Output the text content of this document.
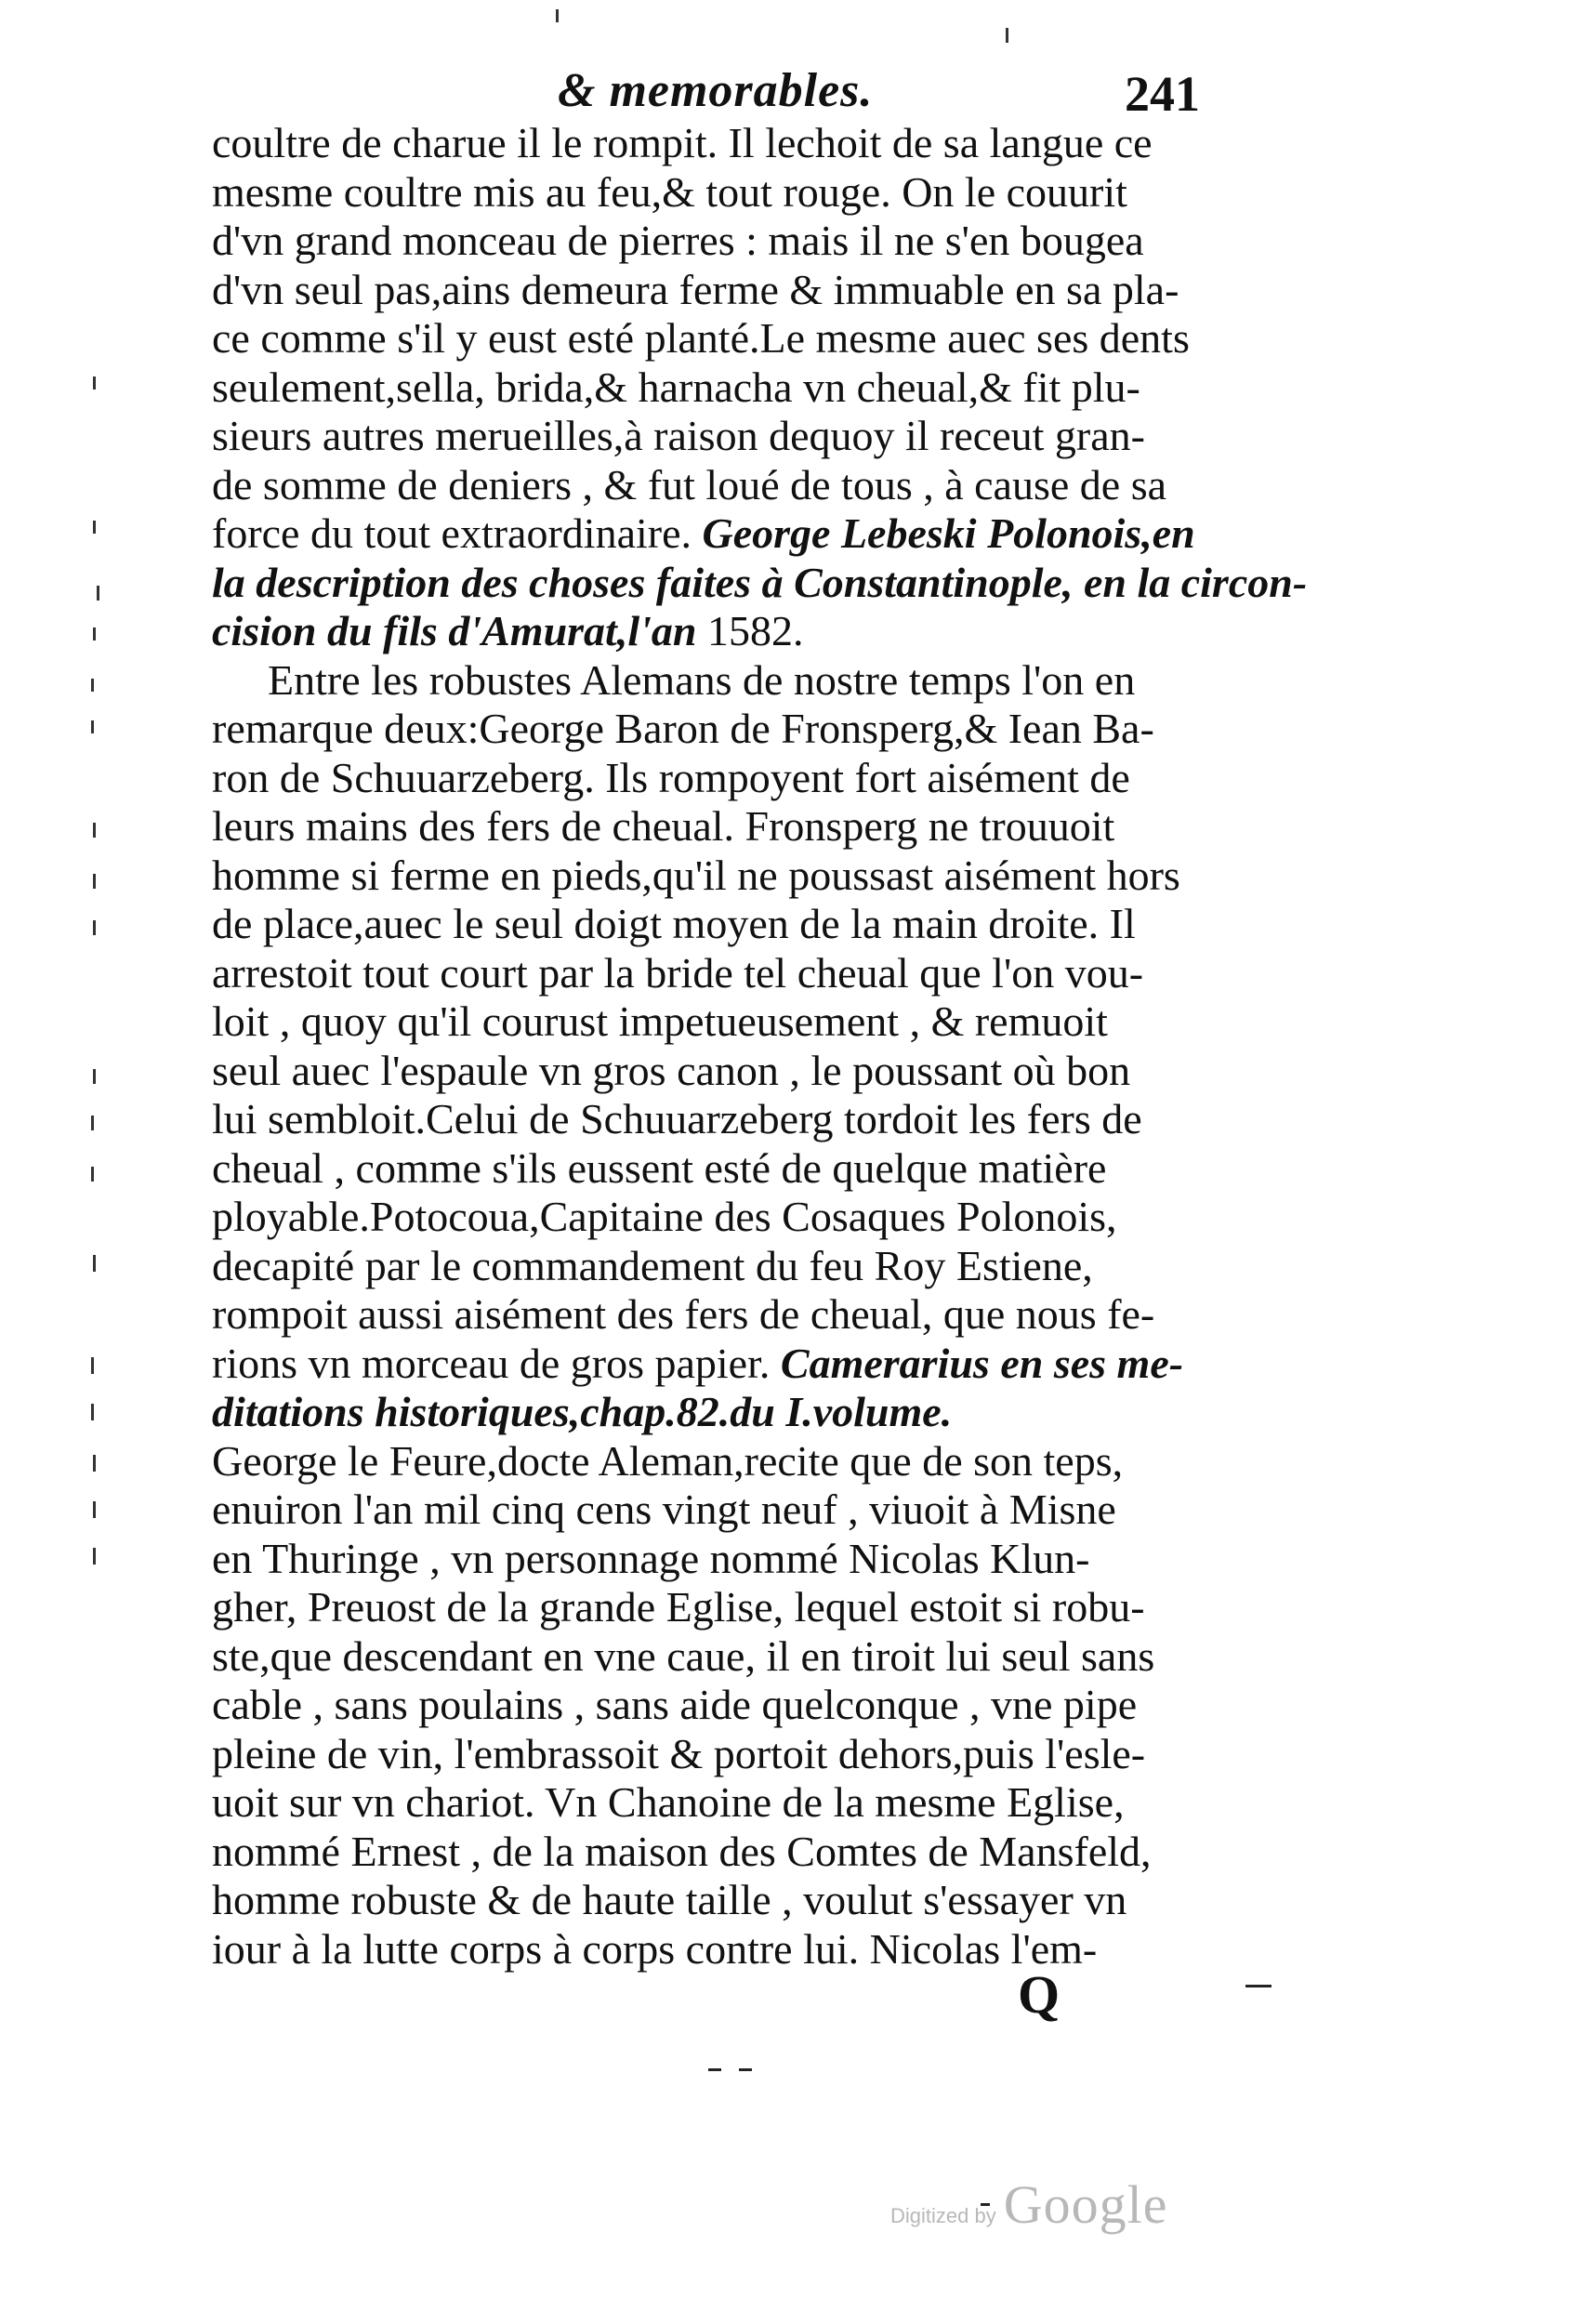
& memorables.	241
coultre de charue il le rompit. Il lechoit de sa langue ce
mesme coultre mis au feu,& tout rouge. On le couurit
d'vn grand monceau de pierres : mais il ne s'en bougea
d'vn seul pas,ains demeura ferme & immuable en sa pla-
ce comme s'il y eust esté planté.Le mesme auec ses dents
seulement,sella, brida,& harnacha vn cheual,& fit plu-
sieurs autres merueilles,à raison dequoy il receut gran-
de somme de deniers , & fut loué de tous , à cause de sa
force du tout extraordinaire. George Lebeski Polonois,en
la description des choses faites à Constantinople, en la circon-
cision du fils d'Amurat,l'an 1582.
Entre les robustes Alemans de nostre temps l'on en
remarque deux:George Baron de Fronsperg,& Iean Ba-
ron de Schuuarzeberg. Ils rompoyent fort aisément de
leurs mains des fers de cheual. Fronsperg ne trouuoit
homme si ferme en pieds,qu'il ne poussast aisément hors
de place,auec le seul doigt moyen de la main droite. Il
arrestoit tout court par la bride tel cheual que l'on vou-
loit , quoy qu'il courust impetueusement , & remuoit
seul auec l'espaule vn gros canon , le poussant où bon
lui sembloit.Celui de Schuuarzeberg tordoit les fers de
cheual , comme s'ils eussent esté de quelque matière
ployable.Potocoua,Capitaine des Cosaques Polonois,
decapité par le commandement du feu Roy Estiene,
rompoit aussi aisément des fers de cheual, que nous fe-
rions vn morceau de gros papier. Camerarius en ses me-
ditations historiques,chap.82.du I.volume.
George le Feure,docte Aleman,recite que de son teps,
enuiron l'an mil cinq cens vingt neuf , viuoit à Misne
en Thuringe , vn personnage nommé Nicolas Klun-
gher, Preuost de la grande Eglise, lequel estoit si robu-
ste,que descendant en vne caue, il en tiroit lui seul sans
cable , sans poulains , sans aide quelconque , vne pipe
pleine de vin, l'embrassoit & portoit dehors,puis l'esle-
uoit sur vn chariot. Vn Chanoine de la mesme Eglise,
nommé Ernest , de la maison des Comtes de Mansfeld,
homme robuste & de haute taille , voulut s'essayer vn
iour à la lutte corps à corps contre lui. Nicolas l'em-
Q
Digitized by Google
